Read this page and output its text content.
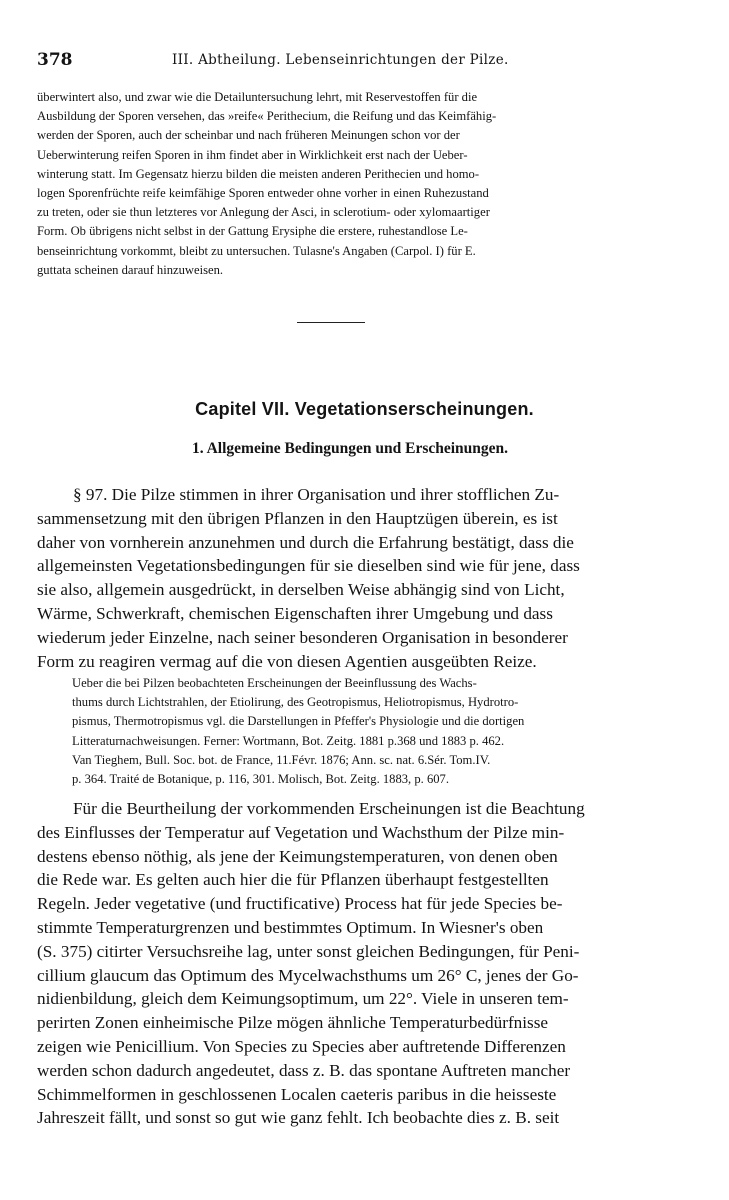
378	III. Abtheilung. Lebenseinrichtungen der Pilze.

überwintert also, und zwar wie die Detailuntersuchung lehrt, mit Reservestoffen für die

Ausbildung der Sporen versehen, das »reife« Perithecium, die Reifung und das Keimfähig-

werden der Sporen, auch der scheinbar und nach früheren Meinungen schon vor der

Ueberwinterung reifen Sporen in ihm findet aber in Wirklichkeit erst nach der Ueber-

winterung statt. Im Gegensatz hierzu bilden die meisten anderen Perithecien und homo-

logen Sporenfrüchte reife keimfähige Sporen entweder ohne vorher in einen Ruhezustand

zu treten, oder sie thun letzteres vor Anlegung der Asci, in sclerotium- oder xylomaartiger

Form. Ob übrigens nicht selbst in der Gattung Erysiphe die erstere, ruhestandlose Le-

benseinrichtung vorkommt, bleibt zu untersuchen. Tulasne's Angaben (Carpol. I) für E.

guttata scheinen darauf hinzuweisen.

Capitel VII. Vegetationserscheinungen.
1. Allgemeine Bedingungen und Erscheinungen.

§ 97. Die Pilze stimmen in ihrer Organisation und ihrer stofflichen Zu-

sammensetzung mit den übrigen Pflanzen in den Hauptzügen überein, es ist

daher von vornherein anzunehmen und durch die Erfahrung bestätigt, dass die

allgemeinsten Vegetationsbedingungen für sie dieselben sind wie für jene, dass

sie also, allgemein ausgedrückt, in derselben Weise abhängig sind von Licht,

Wärme, Schwerkraft, chemischen Eigenschaften ihrer Umgebung und dass

wiederum jeder Einzelne, nach seiner besonderen Organisation in besonderer

Form zu reagiren vermag auf die von diesen Agentien ausgeübten Reize.

Ueber die bei Pilzen beobachteten Erscheinungen der Beeinflussung des Wachs-

thums durch Lichtstrahlen, der Etiolirung, des Geotropismus, Heliotropismus, Hydrotro-

pismus, Thermotropismus vgl. die Darstellungen in Pfeffer's Physiologie und die dortigen

Litteraturnachweisungen. Ferner: Wortmann, Bot. Zeitg. 1881 p.368 und 1883 p. 462.

Van Tieghem, Bull. Soc. bot. de France, 11.Févr. 1876; Ann. sc. nat. 6.Sér. Tom.IV.

p. 364. Traité de Botanique, p. 116, 301. Molisch, Bot. Zeitg. 1883, p. 607.

Für die Beurtheilung der vorkommenden Erscheinungen ist die Beachtung

des Einflusses der Temperatur auf Vegetation und Wachsthum der Pilze min-

destens ebenso nöthig, als jene der Keimungstemperaturen, von denen oben

die Rede war. Es gelten auch hier die für Pflanzen überhaupt festgestellten

Regeln. Jeder vegetative (und fructificative) Process hat für jede Species be-

stimmte Temperaturgrenzen und bestimmtes Optimum. In Wiesner's oben

(S. 375) citirter Versuchsreihe lag, unter sonst gleichen Bedingungen, für Peni-

cillium glaucum das Optimum des Mycelwachsthums um 26° C, jenes der Go-

nidienbildung, gleich dem Keimungsoptimum, um 22°. Viele in unseren tem-

perirten Zonen einheimische Pilze mögen ähnliche Temperaturbedürfnisse

zeigen wie Penicillium. Von Species zu Species aber auftretende Differenzen

werden schon dadurch angedeutet, dass z. B. das spontane Auftreten mancher

Schimmelformen in geschlossenen Localen caeteris paribus in die heisseste

Jahreszeit fällt, und sonst so gut wie ganz fehlt. Ich beobachte dies z. B. seit
